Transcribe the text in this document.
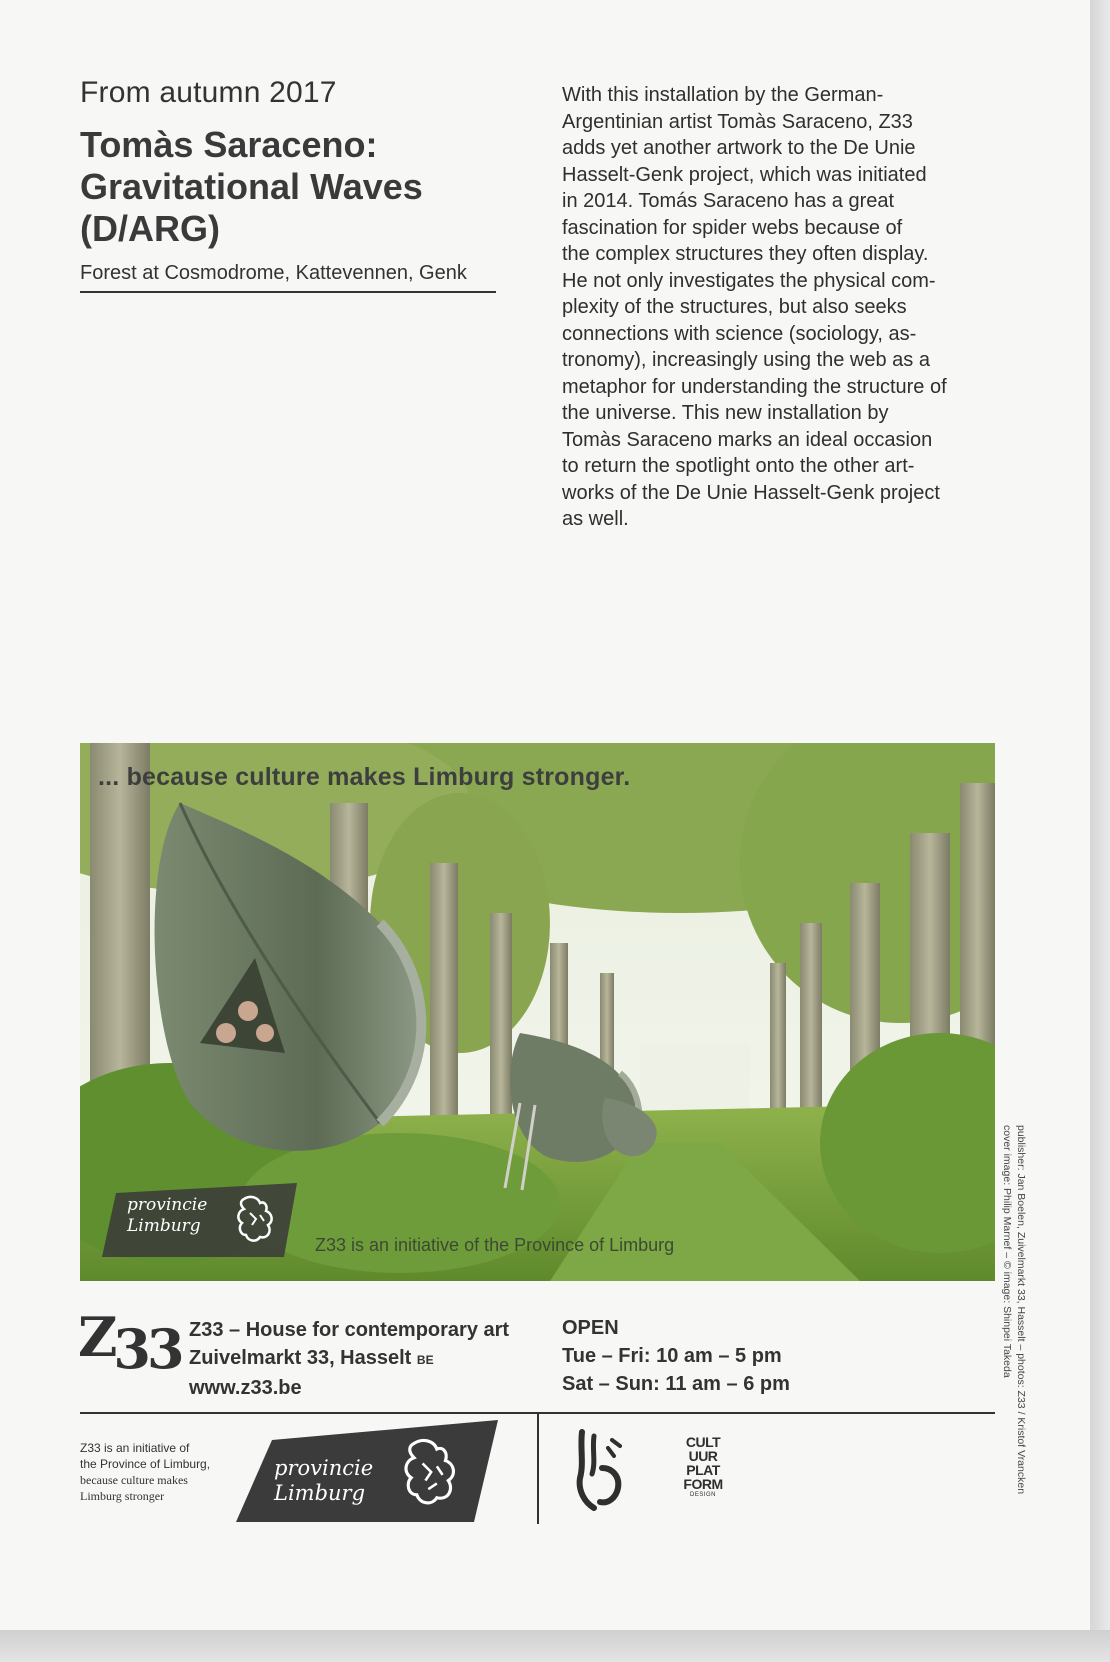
From autumn 2017
Tomàs Saraceno:
Gravitational Waves
(D/ARG)
Forest at Cosmodrome, Kattevennen, Genk

With this installation by the German-

Argentinian artist Tomàs Saraceno, Z33

adds yet another artwork to the De Unie

Hasselt-Genk project, which was initiated

in 2014. Tomás Saraceno has a great

fascination for spider webs because of

the complex structures they often display.

He not only investigates the physical com-

plexity of the structures, but also seeks

connections with science (sociology, as-

tronomy), increasingly using the web as a

metaphor for understanding the structure of

the universe. This new installation by

Tomàs Saraceno marks an ideal occasion

to return the spotlight onto the other art-

works of the De Unie Hasselt-Genk project

as well.

... because culture makes Limburg stronger.
provincie
Limburg
Z33 is an initiative of the Province of Limburg
Z33 Z33 – House for contemporary art
Zuivelmarkt 33, Hasselt BE
www.z33.be
OPEN
Tue – Fri: 10 am – 5 pm
Sat – Sun: 11 am – 6 pm
Z33 is an initiative of
the Province of Limburg,
because culture makes
Limburg stronger
provincie
Limburg
CULT
UUR
PLAT
FORM
DESIGN
publisher: Jan Boelen, Zuivelmarkt 33, Hasselt – photos: Z33 / Kristof Vrancken
cover image: Philip Marnef – © image: Shinpei Takeda
